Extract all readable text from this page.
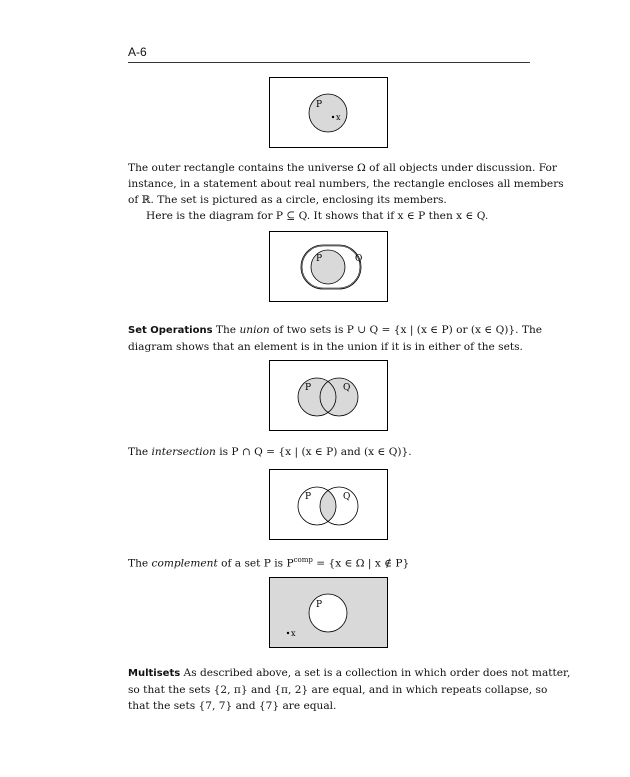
A-6
P
x

The outer rectangle contains the universe Ω of all objects under discussion. For
instance, in a statement about real numbers, the rectangle encloses all members
of ℝ. The set is pictured as a circle, enclosing its members.
Here is the diagram for P ⊆ Q. It shows that if x ∈ P then x ∈ Q.

P	Q

Set Operations The union of two sets is P ∪ Q = {x | (x ∈ P) or (x ∈ Q)}. The
diagram shows that an element is in the union if it is in either of the sets.

P	Q

The intersection is P ∩ Q = {x | (x ∈ P) and (x ∈ Q)}.

P	Q

The complement of a set P is $P^{comp} = \{x$ ∈ Ω | x ∉ P}

P
x

Multisets As described above, a set is a collection in which order does not matter,
so that the sets {2, π} and {π, 2} are equal, and in which repeats collapse, so
that the sets {7, 7} and {7} are equal.
